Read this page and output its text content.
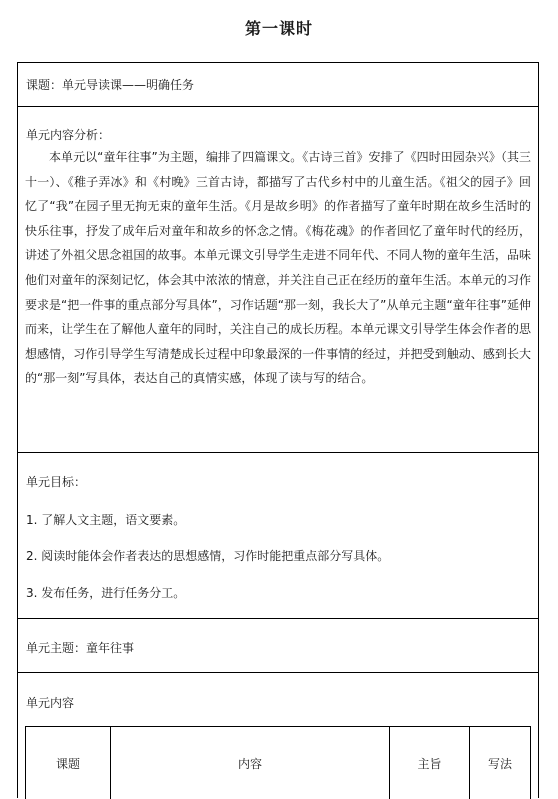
第一课时
课题：单元导读课——明确任务
单元内容分析：

本单元以“童年往事”为主题，编排了四篇课文。《古诗三首》安排了《四时田园杂兴》（其三十一）、《稚子弄冰》和《村晚》三首古诗，都描写了古代乡村中的儿童生活。《祖父的园子》回忆了“我”在园子里无拘无束的童年生活。《月是故乡明》的作者描写了童年时期在故乡生活时的快乐往事，抒发了成年后对童年和故乡的怀念之情。《梅花魂》的作者回忆了童年时代的经历，讲述了外祖父思念祖国的故事。本单元课文引导学生走进不同年代、不同人物的童年生活，品味他们对童年的深刻记忆，体会其中浓浓的情意，并关注自己正在经历的童年生活。本单元的习作要求是“把一件事的重点部分写具体”，习作话题“那一刻，我长大了”从单元主题“童年往事”延伸而来，让学生在了解他人童年的同时，关注自己的成长历程。本单元课文引导学生体会作者的思想感情，习作引导学生写清楚成长过程中印象最深的一件事情的经过，并把受到触动、感到长大的“那一刻”写具体，表达自己的真情实感，体现了读与写的结合。

单元目标：
1. 了解人文主题，语文要素。
2. 阅读时能体会作者表达的思想感情，习作时能把重点部分写具体。
3. 发布任务，进行任务分工。
单元主题：童年往事
单元内容
课题	内容	主旨	写法
